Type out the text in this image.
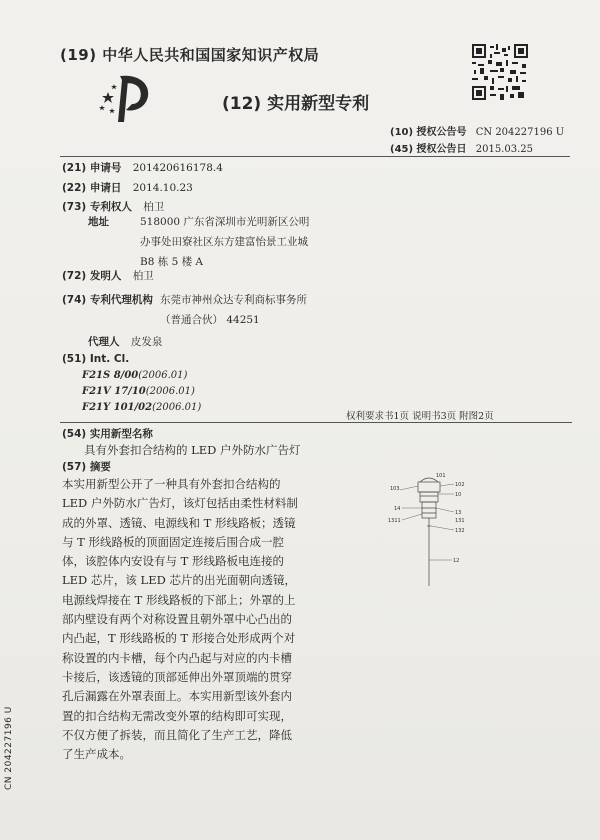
(19) 中华人民共和国国家知识产权局
(12) 实用新型专利
(10) 授权公告号 CN 204227196 U
(45) 授权公告日 2015.03.25
(21) 申请号 201420616178.4
(22) 申请日 2014.10.23
(73) 专利权人 柏卫
地址	518000 广东省深圳市光明新区公明办事处田寮社区东方建富怡景工业城 B8 栋 5 楼 A
(72) 发明人 柏卫
(74) 专利代理机构 东莞市神州众达专利商标事务所（普通合伙） 44251
代理人 皮发泉
(51) Int. Cl.
F21S 8/00(2006.01)
F21V 17/10(2006.01)
F21Y 101/02(2006.01)
权利要求书1页 说明书3页 附图2页
(54) 实用新型名称
具有外套扣合结构的 LED 户外防水广告灯
(57) 摘要
本实用新型公开了一种具有外套扣合结构的 LED 户外防水广告灯，该灯包括由柔性材料制成的外罩、透镜、电源线和 T 形线路板；透镜与 T 形线路板的顶面固定连接后围合成一腔体，该腔体内安设有与 T 形线路板电连接的 LED 芯片，该 LED 芯片的出光面朝向透镜，电源线焊接在 T 形线路板的下部上；外罩的上部内壁设有两个对称设置且朝外罩中心凸出的内凸起，T 形线路板的 T 形接合处形成两个对称设置的内卡槽，每个内凸起与对应的内卡槽卡接后，该透镜的顶部延伸出外罩顶端的贯穿孔后漏露在外罩表面上。本实用新型该外套内置的扣合结构无需改变外罩的结构即可实现，不仅方便了拆装，而且简化了生产工艺，降低了生产成本。
101
103
102
10
14
13
1311	131
132
12
CN 204227196 U
